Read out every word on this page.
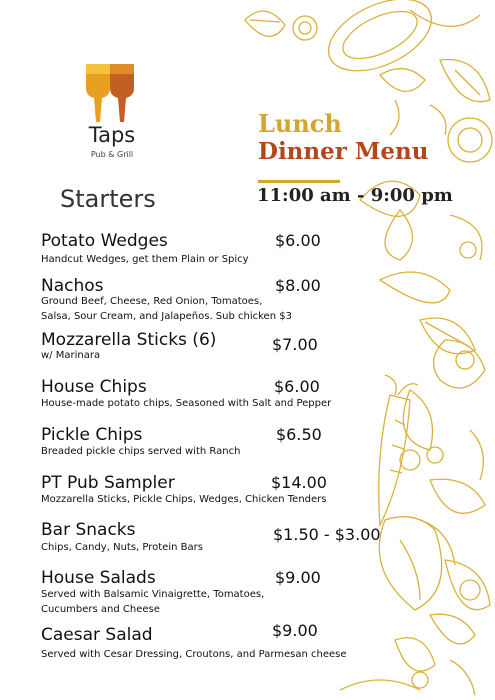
Taps
Pub & Grill
Lunch
Dinner Menu
11:00 am - 9:00 pm
Starters
Potato Wedges	$6.00
Handcut Wedges, get them Plain or Spicy
Nachos	$8.00
Ground Beef, Cheese, Red Onion, Tomatoes,
Salsa, Sour Cream, and Jalapeños. Sub chicken $3
Mozzarella Sticks (6)	$7.00
w/ Marinara
House Chips	$6.00
House-made potato chips, Seasoned with Salt and Pepper
Pickle Chips	$6.50
Breaded pickle chips served with Ranch
PT Pub Sampler	$14.00
Mozzarella Sticks, Pickle Chips, Wedges, Chicken Tenders
Bar Snacks	$1.50 - $3.00
Chips, Candy, Nuts, Protein Bars
House Salads	$9.00
Served with Balsamic Vinaigrette, Tomatoes,
Cucumbers and Cheese
Caesar Salad	$9.00
Served with Cesar Dressing, Croutons, and Parmesan cheese
